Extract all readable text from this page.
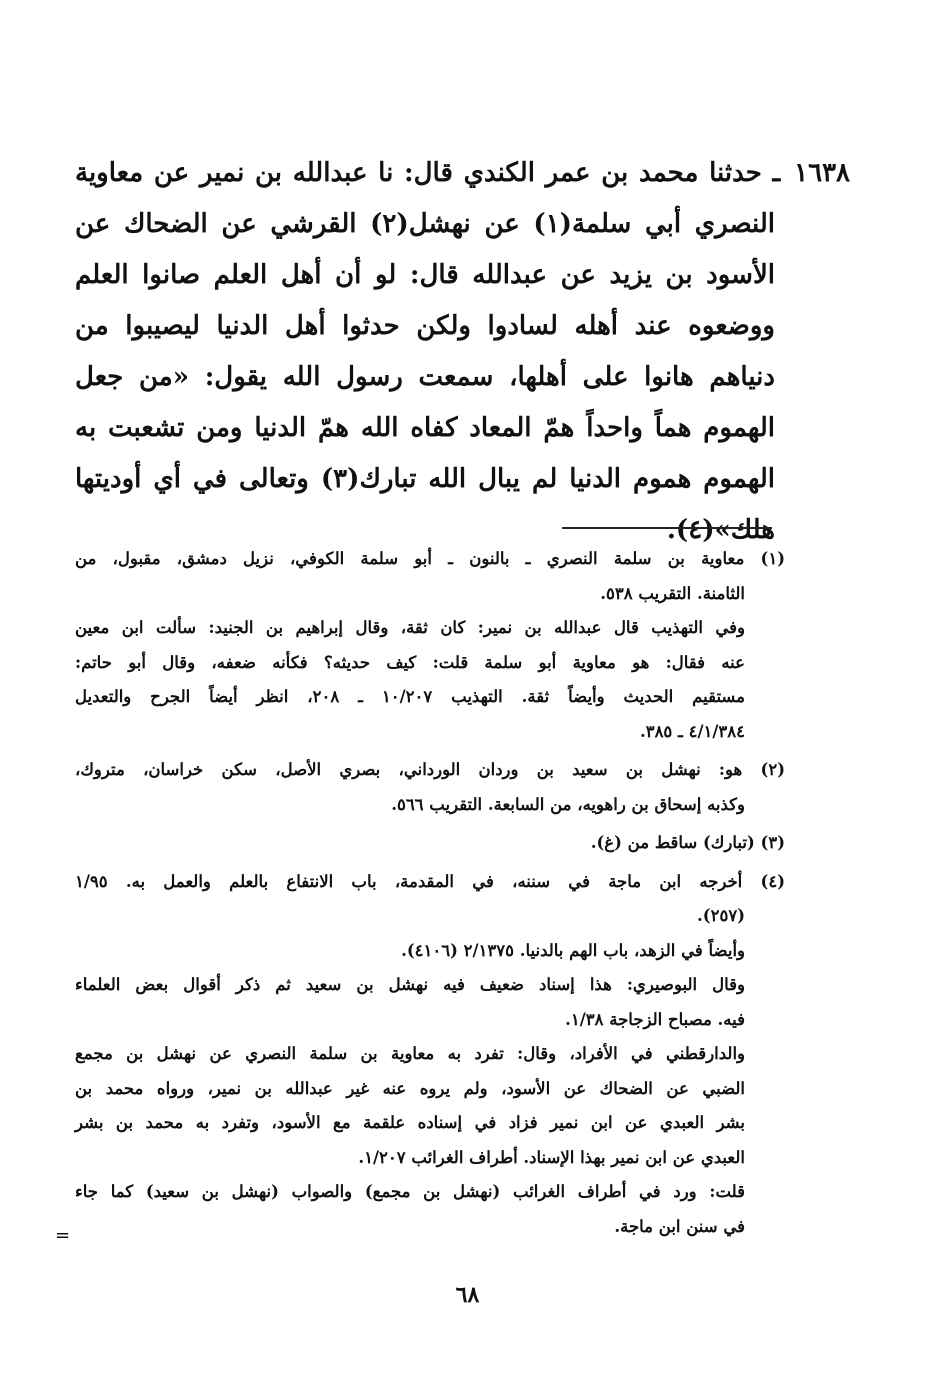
١٦٣٨ـ حدثنا محمد بن عمر الكندي قال: نا عبدالله بن نمير عن معاوية
النصري أبي سلمة(١) عن نهشل(٢) القرشي عن الضحاك عن
الأسود بن يزيد عن عبدالله قال: لو أن أهل العلم صانوا العلم
ووضعوه عند أهله لسادوا ولكن حدثوا أهل الدنيا ليصيبوا من
دنياهم هانوا على أهلها، سمعت رسول الله يقول: «من جعل
الهموم هماً واحداً همّ المعاد كفاه الله همّ الدنيا ومن تشعبت به
الهموم هموم الدنيا لم يبال الله تبارك(٣) وتعالى في أي أوديتها
هلك»(٤).
(١) معاوية بن سلمة النصري ـ بالنون ـ أبو سلمة الكوفي، نزيل دمشق، مقبول، من
الثامنة. التقريب ٥٣٨.
وفي التهذيب قال عبدالله بن نمير: كان ثقة، وقال إبراهيم بن الجنيد: سألت ابن معين
عنه فقال: هو معاوية أبو سلمة قلت: كيف حديثه؟ فكأنه ضعفه، وقال أبو حاتم:
مستقيم الحديث وأيضاً ثقة. التهذيب ١٠/٢٠٧ ـ ٢٠٨، انظر أيضاً الجرح والتعديل
٤/١/٣٨٤ ـ ٣٨٥.
(٢) هو: نهشل بن سعيد بن وردان الورداني، بصري الأصل، سكن خراسان، متروك،
وكذبه إسحاق بن راهويه، من السابعة. التقريب ٥٦٦.
(٣) (تبارك) ساقط من (غ).
(٤) أخرجه ابن ماجة في سننه، في المقدمة، باب الانتفاع بالعلم والعمل به. ١/٩٥
(٢٥٧).
وأيضاً في الزهد، باب الهم بالدنيا. ٢/١٣٧٥ (٤١٠٦).
وقال البوصيري: هذا إسناد ضعيف فيه نهشل بن سعيد ثم ذكر أقوال بعض العلماء
فيه. مصباح الزجاجة ١/٣٨.
والدارقطني في الأفراد، وقال: تفرد به معاوية بن سلمة النصري عن نهشل بن مجمع
الضبي عن الضحاك عن الأسود، ولم يروه عنه غير عبدالله بن نمير، ورواه محمد بن
بشر العبدي عن ابن نمير فزاد في إسناده علقمة مع الأسود، وتفرد به محمد بن بشر
العبدي عن ابن نمير بهذا الإسناد. أطراف الغرائب ١/٢٠٧.
قلت: ورد في أطراف الغرائب (نهشل بن مجمع) والصواب (نهشل بن سعيد) كما جاء
في سنن ابن ماجة.
=
٦٨
